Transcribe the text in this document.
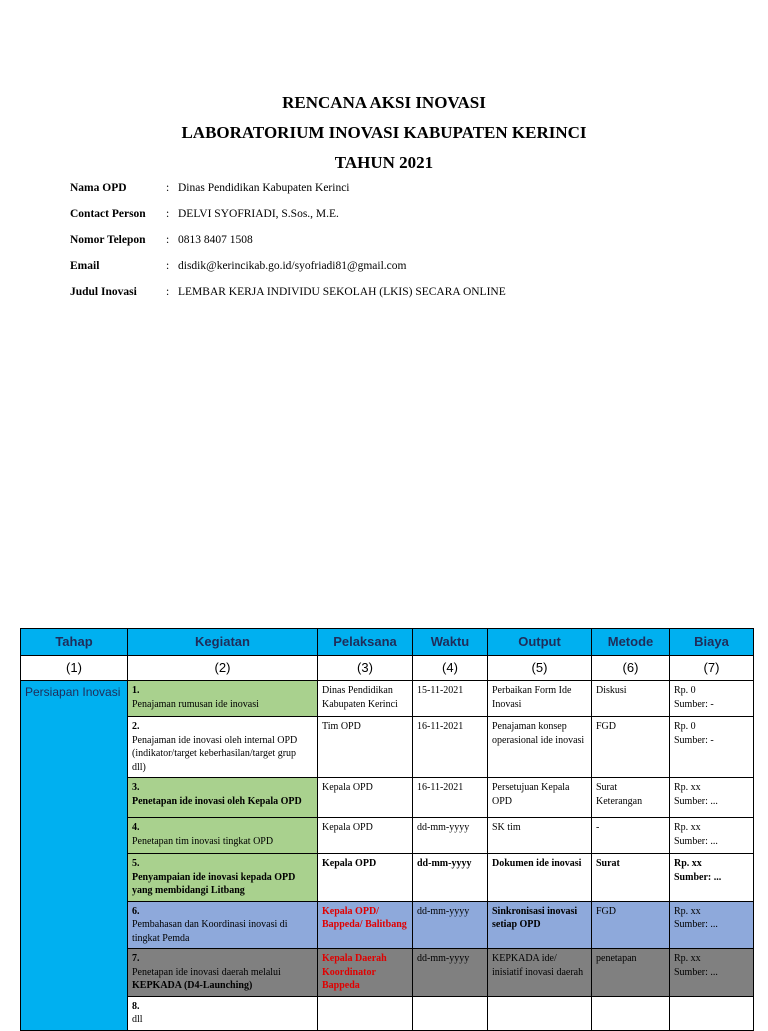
RENCANA AKSI INOVASI
LABORATORIUM INOVASI KABUPATEN KERINCI
TAHUN 2021
Nama OPD	: Dinas Pendidikan Kabupaten Kerinci
Contact Person	: DELVI SYOFRIADI, S.Sos., M.E.
Nomor Telepon	: 0813 8407 1508
Email	: disdik@kerincikab.go.id/syofriadi81@gmail.com
Judul Inovasi	: LEMBAR KERJA INDIVIDU SEKOLAH (LKIS) SECARA ONLINE
Tahap	Kegiatan	Pelaksana	Waktu	Output	Metode	Biaya
(1)	(2)	(3)	(4)	(5)	(6)	(7)
Persiapan Inovasi	1.Penajaman rumusan ide inovasi	Dinas Pendidikan Kabupaten Kerinci	15-11-2021	Perbaikan Form Ide Inovasi	Diskusi	Rp. 0
Sumber: -

	2.Penajaman ide inovasi oleh internal OPD (indikator/target keberhasilan/target grup dll)	Tim OPD	16-11-2021	Penajaman konsep operasional ide inovasi	FGD	Rp. 0
Sumber: -

	3.Penetapan ide inovasi oleh Kepala OPD	Kepala OPD	16-11-2021	Persetujuan Kepala OPD	Surat Keterangan	Rp. xx
Sumber: ...

	4.Penetapan tim inovasi tingkat OPD	Kepala OPD	dd-mm-yyyy	SK tim	-	Rp. xx
Sumber: ...

	5.Penyampaian ide inovasi kepada OPD yang membidangi Litbang	Kepala OPD	dd-mm-yyyy	Dokumen ide inovasi	Surat	Rp. xx
Sumber: ...

	6.Pembahasan dan Koordinasi inovasi di tingkat Pemda	Kepala OPD/ Bappeda/ Balitbang	dd-mm-yyyy	Sinkronisasi inovasi setiap OPD	FGD	Rp. xx
Sumber: ...

	7.Penetapan ide inovasi daerah melalui KEPKADA (D4-Launching)	Kepala Daerah Koordinator Bappeda	dd-mm-yyyy	KEPKADA ide/ inisiatif inovasi daerah	penetapan	Rp. xx
Sumber: ...

	8.dll					
